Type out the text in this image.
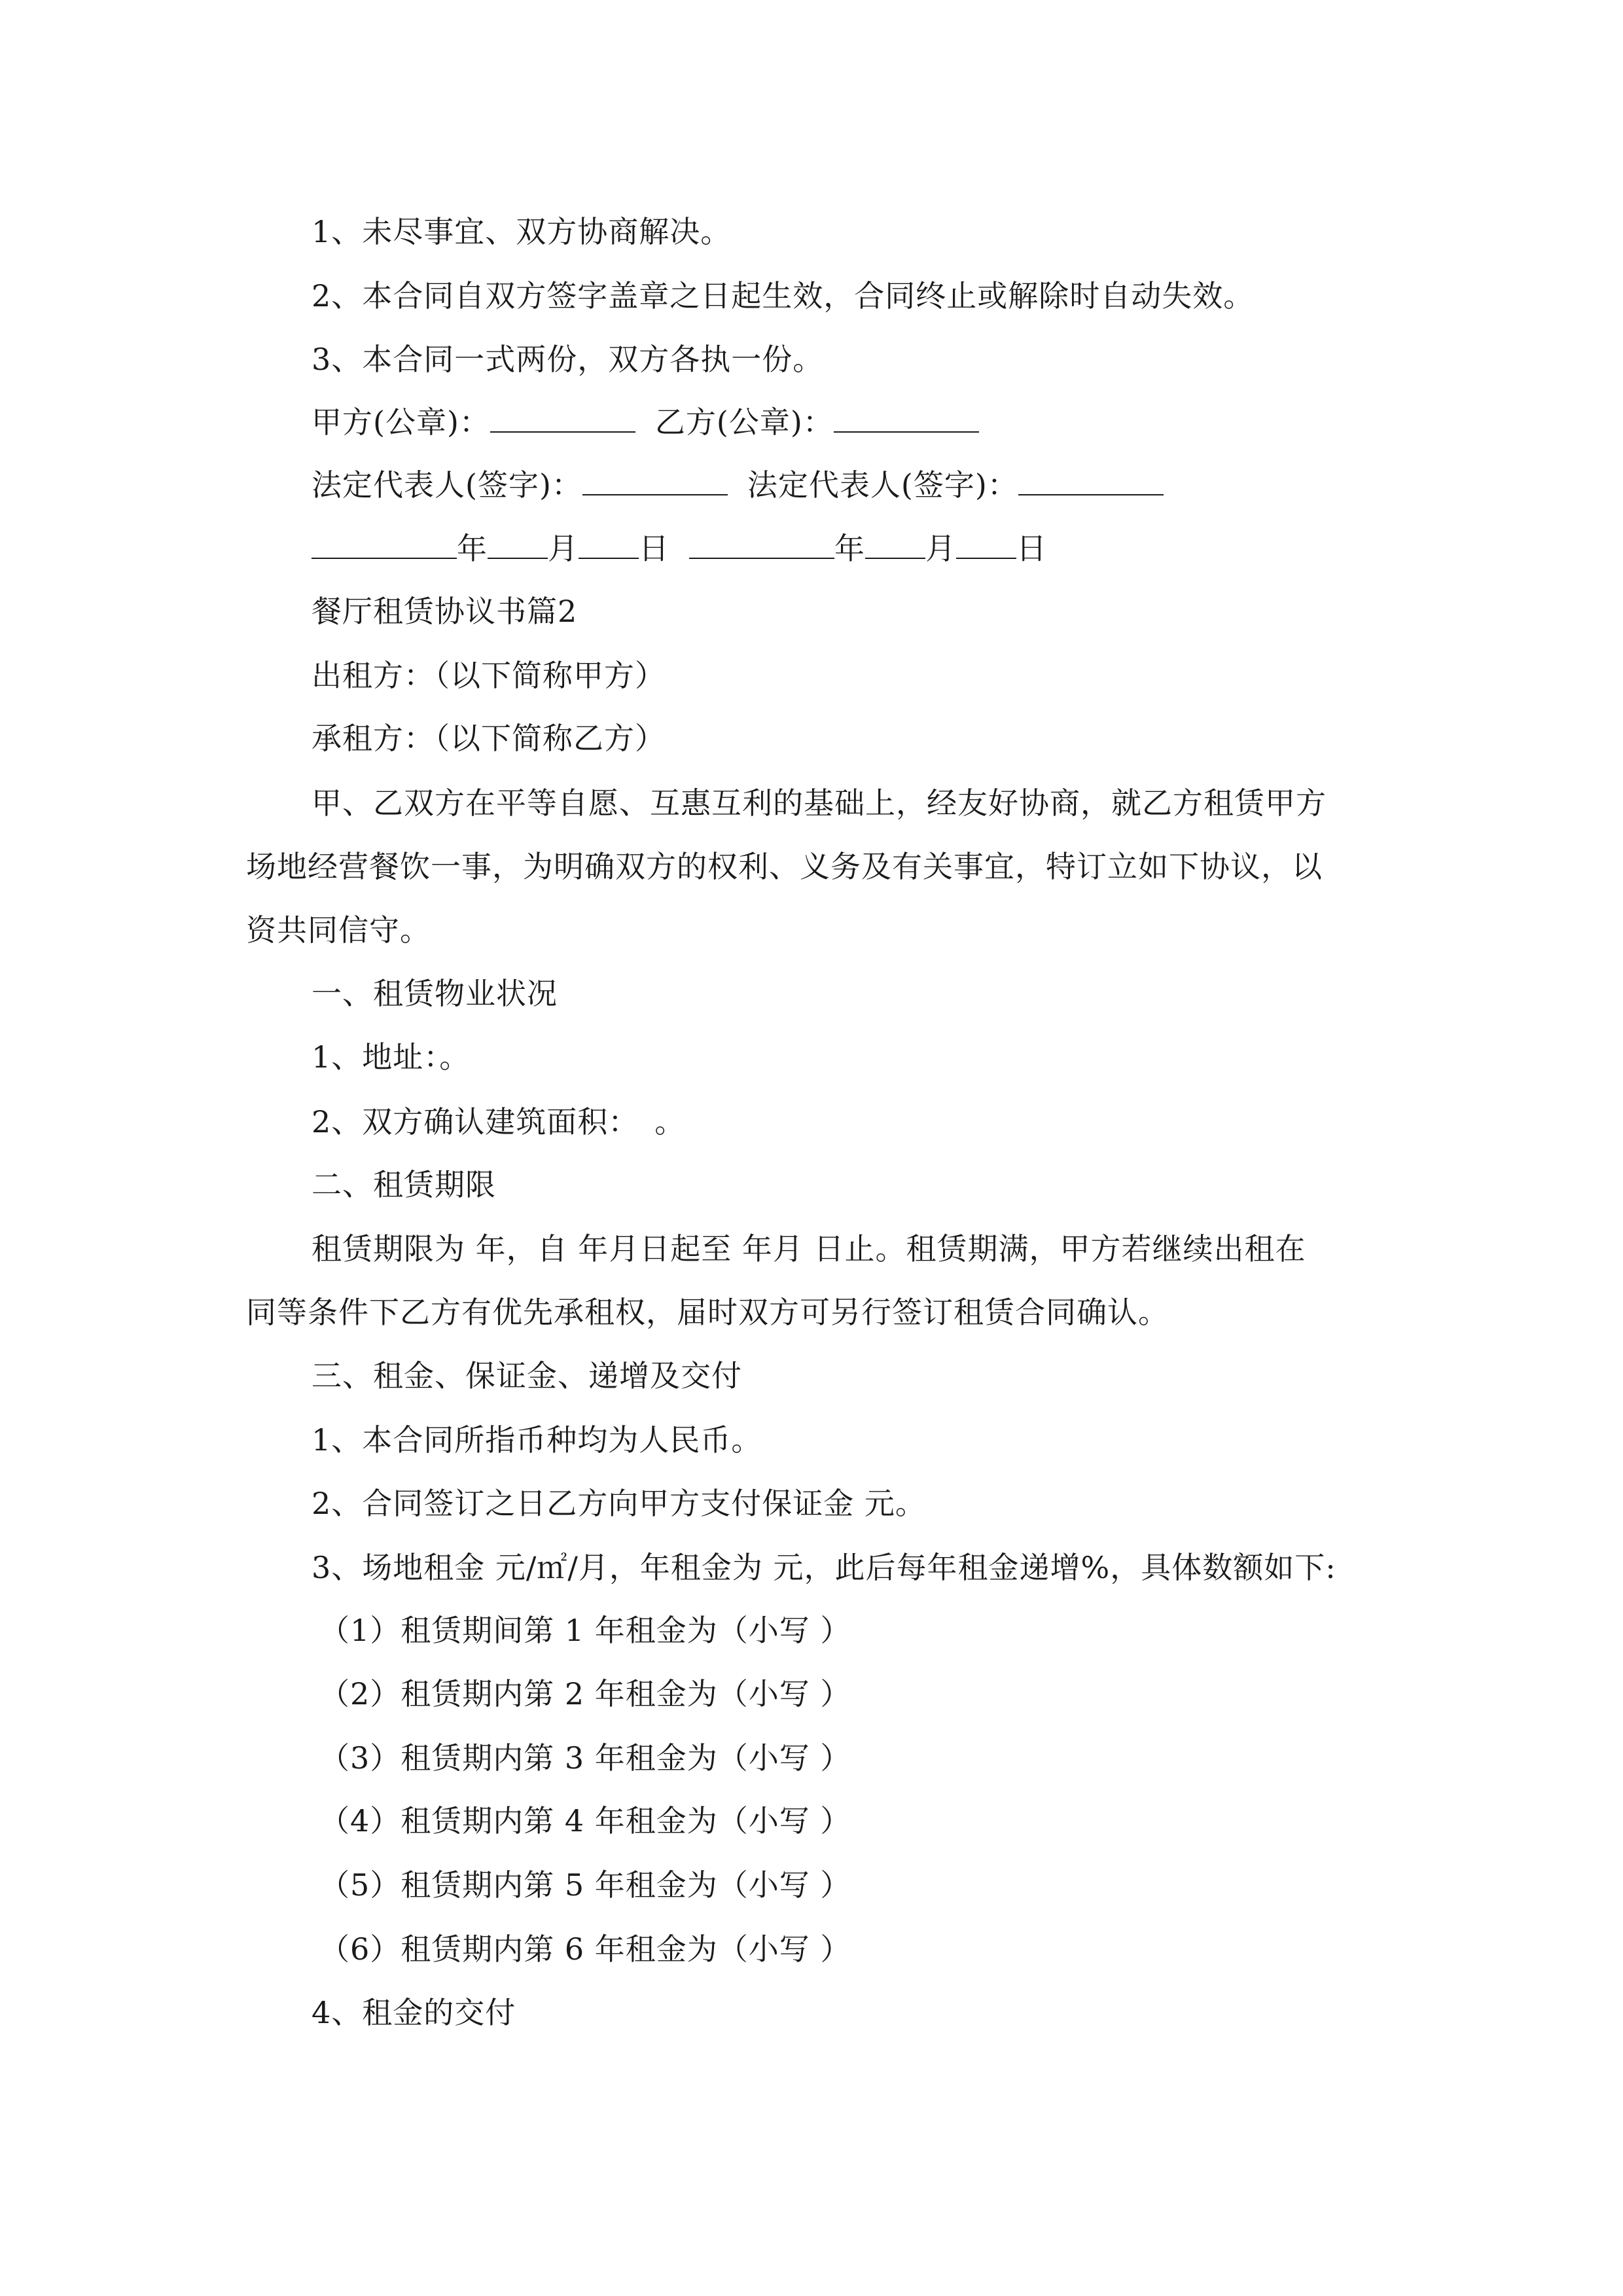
1、未尽事宜、双方协商解决。
2、本合同自双方签字盖章之日起生效，合同终止或解除时自动失效。
3、本合同一式两份，双方各执一份。
甲方(公章)：	乙方(公章)：
法定代表人(签字)：	法定代表人(签字)：
年 月 日	年 月 日
餐厅租赁协议书篇2
出租方：（以下简称甲方）
承租方：（以下简称乙方）
甲、乙双方在平等自愿、互惠互利的基础上，经友好协商，就乙方租赁甲方
场地经营餐饮一事，为明确双方的权利、义务及有关事宜，特订立如下协议，以
资共同信守。
一、租赁物业状况
1、地址：。
2、双方确认建筑面积：　。
二、租赁期限
租赁期限为 年，自 年月日起至 年月 日止。租赁期满，甲方若继续出租在
同等条件下乙方有优先承租权，届时双方可另行签订租赁合同确认。
三、租金、保证金、递增及交付
1、本合同所指币种均为人民币。
2、合同签订之日乙方向甲方支付保证金 元。
3、场地租金 元/㎡/月，年租金为 元，此后每年租金递增%，具体数额如下:
（1）租赁期间第 1 年租金为（小写 ）
（2）租赁期内第 2 年租金为（小写 ）
（3）租赁期内第 3 年租金为（小写 ）
（4）租赁期内第 4 年租金为（小写 ）
（5）租赁期内第 5 年租金为（小写 ）
（6）租赁期内第 6 年租金为（小写 ）
4、租金的交付
